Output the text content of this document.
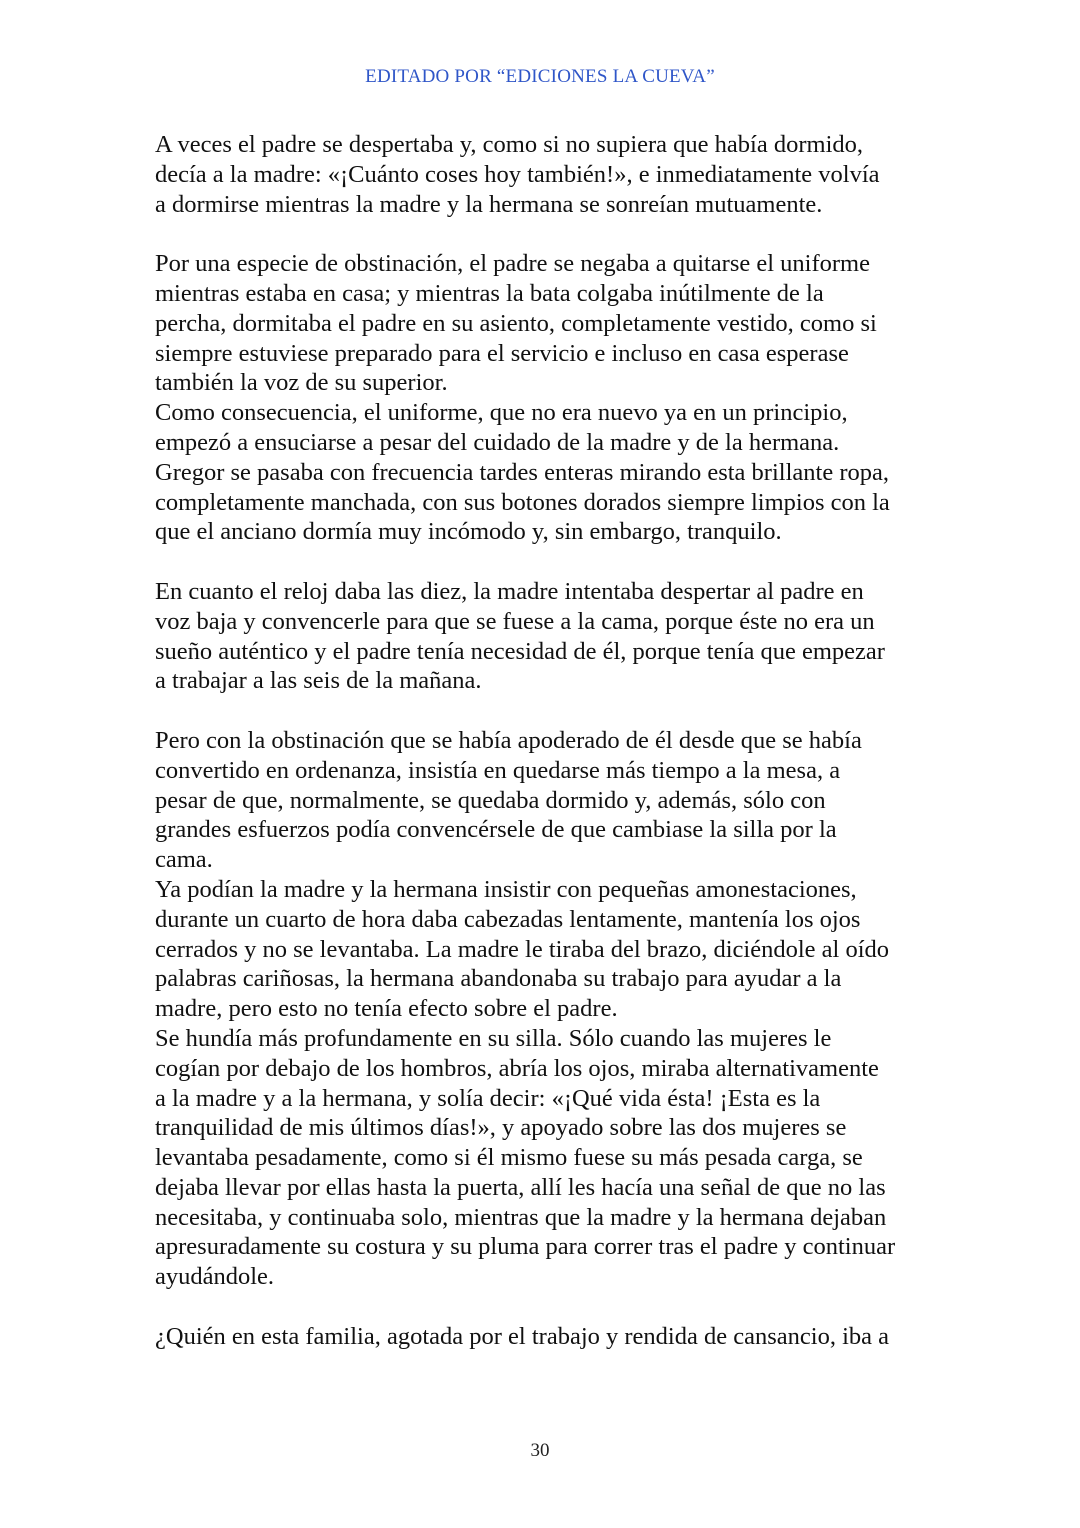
EDITADO POR “EDICIONES LA CUEVA”
A veces el padre se despertaba y, como si no supiera que había dormido,
decía a la madre: «¡Cuánto coses hoy también!», e inmediatamente volvía
a dormirse mientras la madre y la hermana se sonreían mutuamente.
Por una especie de obstinación, el padre se negaba a quitarse el uniforme
mientras estaba en casa; y mientras la bata colgaba inútilmente de la
percha, dormitaba el padre en su asiento, completamente vestido, como si
siempre estuviese preparado para el servicio e incluso en casa esperase
también la voz de su superior.
Como consecuencia, el uniforme, que no era nuevo ya en un principio,
empezó a ensuciarse a pesar del cuidado de la madre y de la hermana.
Gregor se pasaba con frecuencia tardes enteras mirando esta brillante ropa,
completamente manchada, con sus botones dorados siempre limpios con la
que el anciano dormía muy incómodo y, sin embargo, tranquilo.
En cuanto el reloj daba las diez, la madre intentaba despertar al padre en
voz baja y convencerle para que se fuese a la cama, porque éste no era un
sueño auténtico y el padre tenía necesidad de él, porque tenía que empezar
a trabajar a las seis de la mañana.
Pero con la obstinación que se había apoderado de él desde que se había
convertido en ordenanza, insistía en quedarse más tiempo a la mesa, a
pesar de que, normalmente, se quedaba dormido y, además, sólo con
grandes esfuerzos podía convencérsele de que cambiase la silla por la
cama.
Ya podían la madre y la hermana insistir con pequeñas amonestaciones,
durante un cuarto de hora daba cabezadas lentamente, mantenía los ojos
cerrados y no se levantaba. La madre le tiraba del brazo, diciéndole al oído
palabras cariñosas, la hermana abandonaba su trabajo para ayudar a la
madre, pero esto no tenía efecto sobre el padre.
Se hundía más profundamente en su silla. Sólo cuando las mujeres le
cogían por debajo de los hombros, abría los ojos, miraba alternativamente
a la madre y a la hermana, y solía decir: «¡Qué vida ésta! ¡Esta es la
tranquilidad de mis últimos días!», y apoyado sobre las dos mujeres se
levantaba pesadamente, como si él mismo fuese su más pesada carga, se
dejaba llevar por ellas hasta la puerta, allí les hacía una señal de que no las
necesitaba, y continuaba solo, mientras que la madre y la hermana dejaban
apresuradamente su costura y su pluma para correr tras el padre y continuar
ayudándole.
¿Quién en esta familia, agotada por el trabajo y rendida de cansancio, iba a
30
